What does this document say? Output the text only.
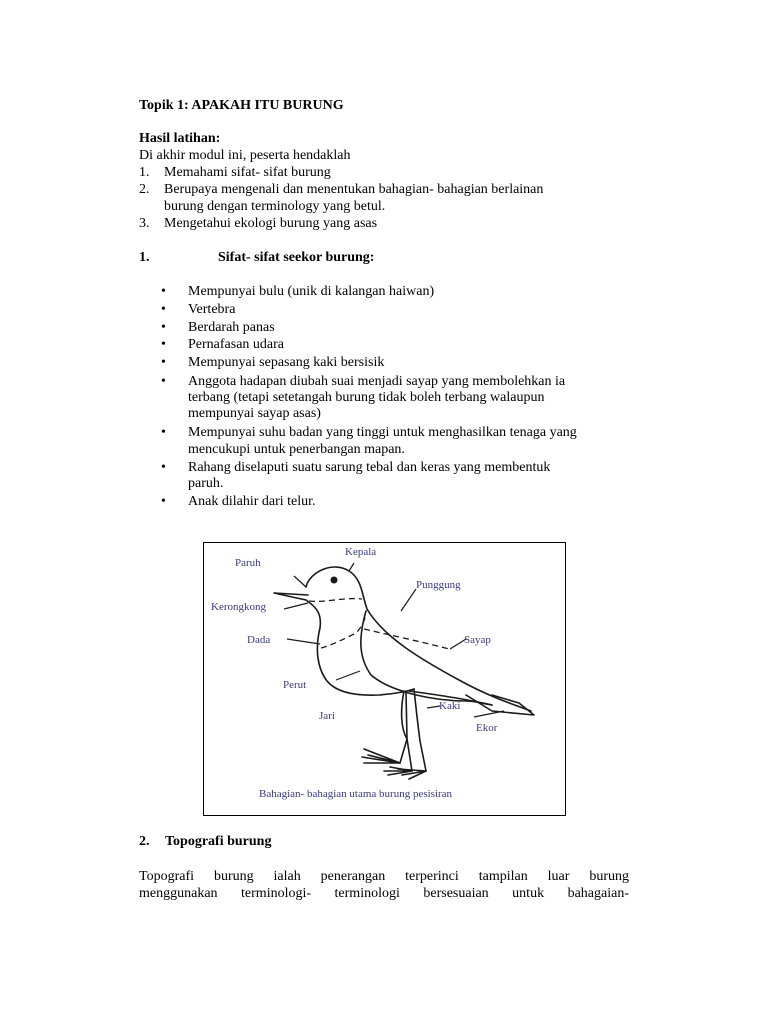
Topik 1: APAKAH ITU BURUNG
Hasil latihan:
Di akhir modul ini, peserta hendaklah
1. Memahami sifat- sifat burung
2. Berupaya mengenali dan menentukan bahagian- bahagian berlainan
burung dengan terminology yang betul.
3. Mengetahui ekologi burung yang asas
1.	Sifat- sifat seekor burung:
• Mempunyai bulu (unik di kalangan haiwan)
• Vertebra
• Berdarah panas
• Pernafasan udara
• Mempunyai sepasang kaki bersisik
• Anggota hadapan diubah suai menjadi sayap yang membolehkan ia
terbang (tetapi setetangah burung tidak boleh terbang walaupun
mempunyai sayap asas)
• Mempunyai suhu badan yang tinggi untuk menghasilkan tenaga yang
mencukupi untuk penerbangan mapan.
• Rahang diselaputi suatu sarung tebal dan keras yang membentuk
paruh.
• Anak dilahir dari telur.
Kepala
Paruh
Punggung
Kerongkong
Dada	Sayap
Perut
Kaki
Jari
Ekor
Bahagian- bahagian utama burung pesisiran
2. Topografi burung
Topografi burung ialah penerangan terperinci tampilan luar burung
menggunakan terminologi- terminologi bersesuaian untuk bahagaian-
